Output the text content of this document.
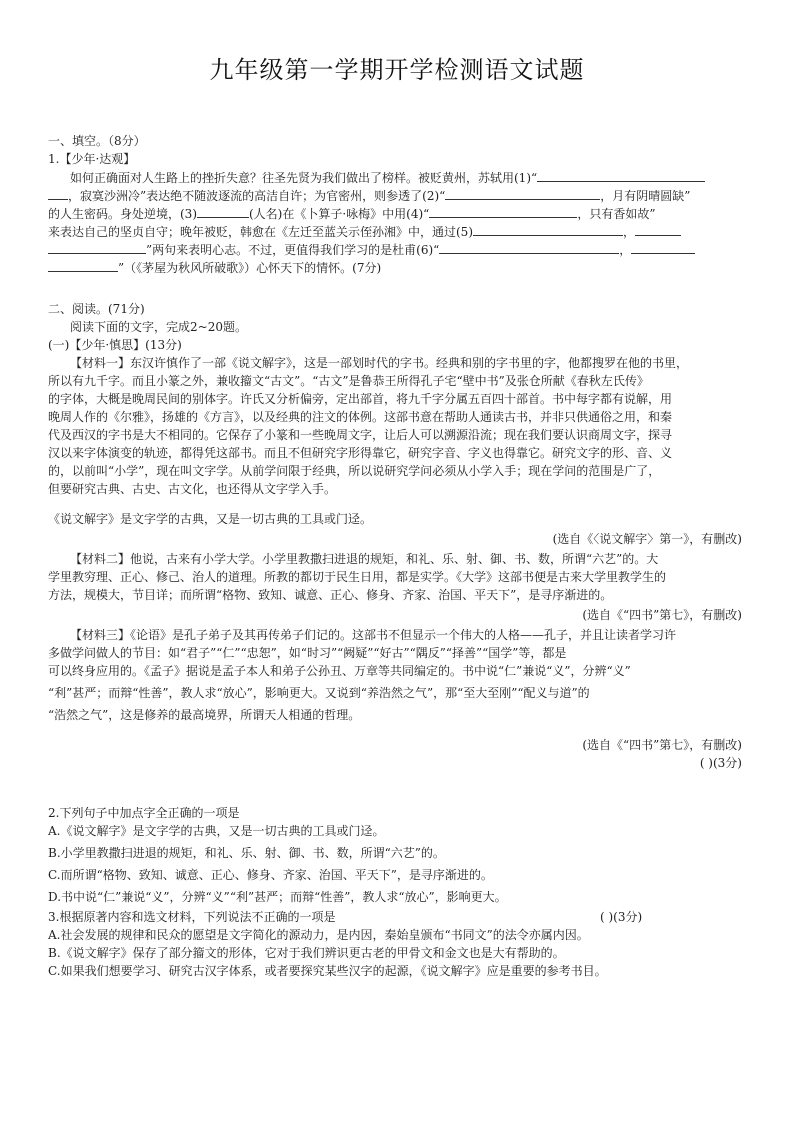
九年级第一学期开学检测语文试题
一、填空。（8分）
1.【少年·达观】
如何正确面对人生路上的挫折失意？往圣先贤为我们做出了榜样。被贬黄州，苏轼用(1)“
，寂寞沙洲冷”表达绝不随波逐流的高洁自许；为官密州，则参透了(2)“	，月有阴晴圆缺”
的人生密码。身处逆境，(3)	(人名)在《卜算子·咏梅》中用(4)“	，只有香如故”
来表达自己的坚贞自守；晚年被贬，韩愈在《左迁至蓝关示侄孙湘》中，通过(5)	，
”两句来表明心志。不过，更值得我们学习的是杜甫(6)“	，
”（《茅屋为秋风所破歌》）心怀天下的情怀。(7分)
二、阅读。(71分)
阅读下面的文字，完成2~20题。
(一)【少年·慎思】(13分)
【材料一】东汉许慎作了一部《说文解字》，这是一部划时代的字书。经典和别的字书里的字，他都搜罗在他的书里，
所以有九千字。而且小篆之外，兼收籀文“古文”。“古文”是鲁恭王所得孔子宅“壁中书”及张仓所献《春秋左氏传》
的字体，大概是晚周民间的别体字。许氏又分析偏旁，定出部首，将九千字分属五百四十部首。书中每字都有说解，用
晚周人作的《尔雅》，扬雄的《方言》，以及经典的注文的体例。这部书意在帮助人通读古书，并非只供通俗之用，和秦
代及西汉的字书是大不相同的。它保存了小篆和一些晚周文字，让后人可以溯源沿流；现在我们要认识商周文字，探寻
汉以来字体演变的轨迹，都得凭这部书。而且不但研究字形得靠它，研究字音、字义也得靠它。研究文字的形、音、义
的，以前叫“小学”，现在叫文字学。从前学问限于经典，所以说研究学问必须从小学入手；现在学问的范围是广了，
但要研究古典、古史、古文化，也还得从文字学入手。
《说文解字》是文字学的古典，又是一切古典的工具或门迳。
(选自《〈说文解字〉第一》，有删改)
【材料二】他说，古来有小学大学。小学里教撒扫进退的规矩，和礼、乐、射、御、书、数，所谓“六艺”的。大
学里教穷理、正心、修己、治人的道理。所教的都切于民生日用，都是实学。《大学》这部书便是古来大学里教学生的
方法，规模大，节目详；而所谓“格物、致知、诚意、正心、修身、齐家、治国、平天下”，是寻序渐进的。
(选自《“四书”第七》，有删改)
【材料三】《论语》是孔子弟子及其再传弟子们记的。这部书不但显示一个伟大的人格——孔子，并且让读者学习许
多做学问做人的节目：如“君子”“仁”“忠恕”，如“时习”“阙疑”“好古”“隅反”“择善”“国学”等，都是
可以终身应用的。《孟子》据说是孟子本人和弟子公孙丑、万章等共同编定的。书中说“仁”兼说“义”，分辨“义”
“利”甚严；而辩“性善”，教人求“放心”，影响更大。又说到“养浩然之气”，那“至大至刚”“配义与道”的
“浩然之气”，这是修养的最高境界，所谓天人相通的哲理。
(选自《“四书”第七》，有删改)
( )(3分)
2.下列句子中加点字全正确的一项是
A.《说文解字》是文字学的古典，又是一切古典的工具或门迳。
B.小学里教撒扫进退的规矩，和礼、乐、射、御、书、数，所谓“六艺”的。
C.而所谓“格物、致知、诚意、正心、修身、齐家、治国、平天下”，是寻序渐进的。
D.书中说“仁”兼说“义”，分辨“义”“利”甚严；而辩“性善”，教人求“放心”，影响更大。
3.根据原著内容和选文材料，下列说法不正确的一项是	( )(3分)
A.社会发展的规律和民众的愿望是文字简化的源动力，是内因，秦始皇颁布“书同文”的法令亦属内因。
B.《说文解字》保存了部分籀文的形体，它对于我们辨识更古老的甲骨文和金文也是大有帮助的。
C.如果我们想要学习、研究古汉字体系，或者要探究某些汉字的起源，《说文解字》应是重要的参考书目。
